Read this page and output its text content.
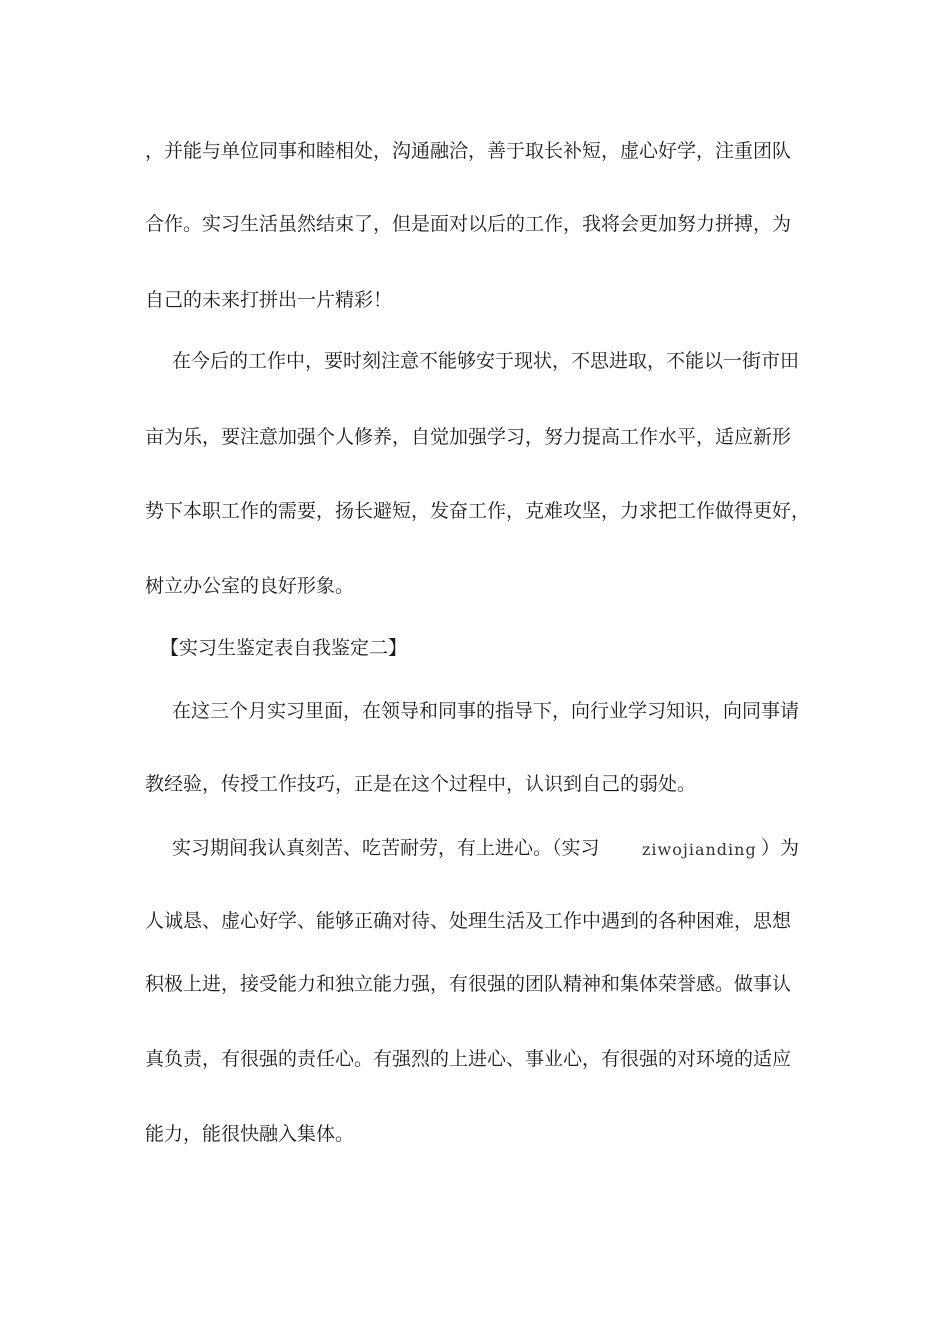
，并能与单位同事和睦相处，沟通融洽，善于取长补短，虚心好学，注重团队
合作。实习生活虽然结束了，但是面对以后的工作，我将会更加努力拼搏，为
自己的未来打拼出一片精彩！
在今后的工作中，要时刻注意不能够安于现状，不思进取，不能以一街市田
亩为乐，要注意加强个人修养，自觉加强学习，努力提高工作水平，适应新形
势下本职工作的需要，扬长避短，发奋工作，克难攻坚，力求把工作做得更好，
树立办公室的良好形象。
【实习生鉴定表自我鉴定二】
在这三个月实习里面，在领导和同事的指导下，向行业学习知识，向同事请
教经验，传授工作技巧，正是在这个过程中，认识到自己的弱处。
实习期间我认真刻苦、吃苦耐劳，有上进心。（实习	ziwojianding ）为
人诚恳、虚心好学、能够正确对待、处理生活及工作中遇到的各种困难，思想
积极上进，接受能力和独立能力强，有很强的团队精神和集体荣誉感。做事认
真负责，有很强的责任心。有强烈的上进心、事业心，有很强的对环境的适应
能力，能很快融入集体。
